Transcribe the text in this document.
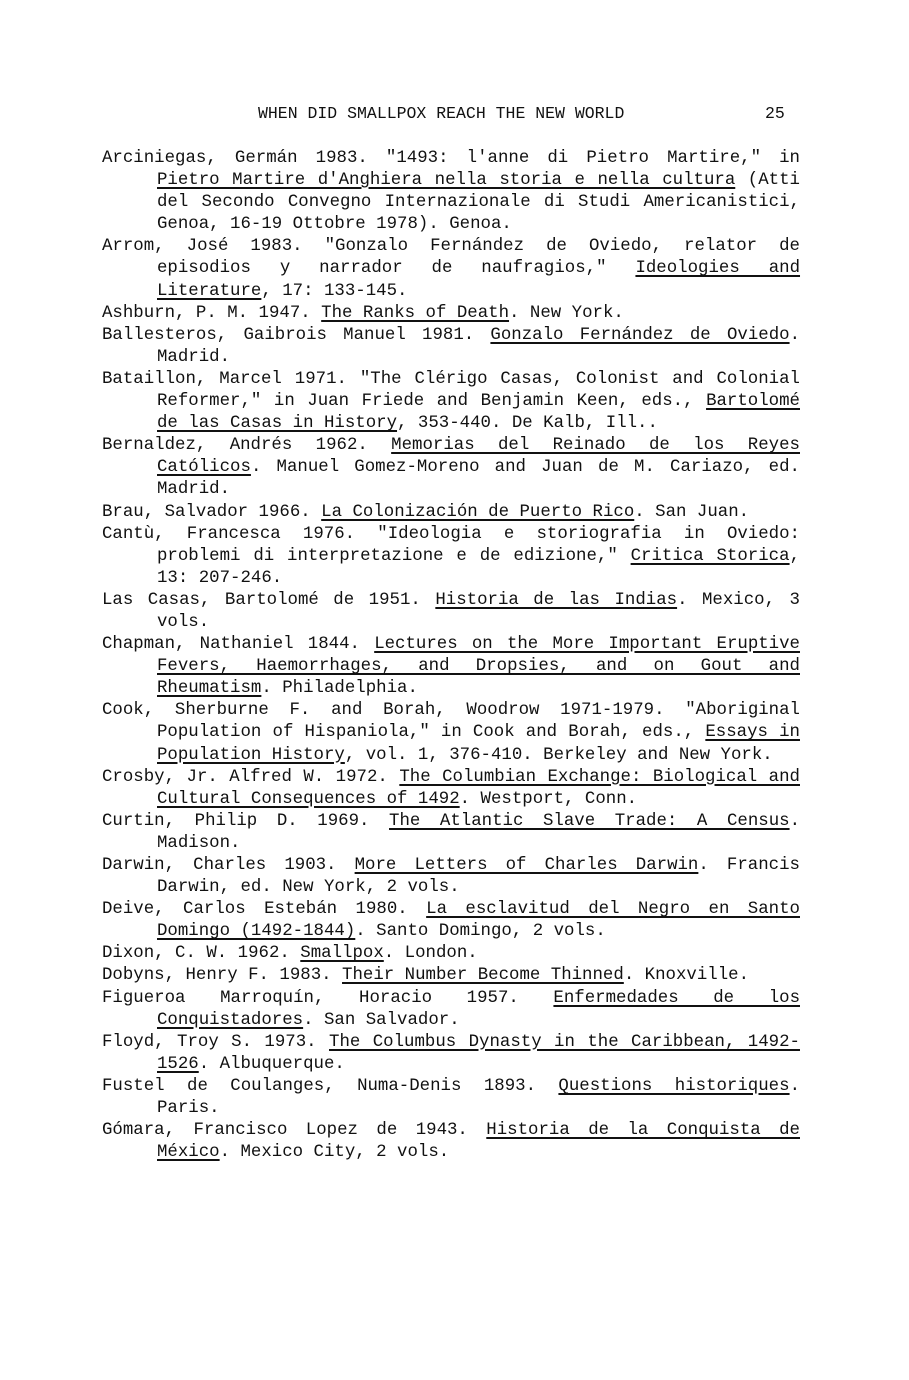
WHEN DID SMALLPOX REACH THE NEW WORLD	25

Arciniegas, Germán 1983. "1493: l'anne di Pietro Martire," in Pietro Martire d'Anghiera nella storia e nella cultura (Atti del Secondo Convegno Internazionale di Studi Americanistici, Genoa, 16-19 Ottobre 1978). Genoa.

Arrom, José 1983. "Gonzalo Fernández de Oviedo, relator de episodios y narrador de naufragios," Ideologies and Literature, 17: 133-145.

Ashburn, P. M. 1947. The Ranks of Death. New York.

Ballesteros, Gaibrois Manuel 1981. Gonzalo Fernández de Oviedo. Madrid.

Bataillon, Marcel 1971. "The Clérigo Casas, Colonist and Colonial Reformer," in Juan Friede and Benjamin Keen, eds., Bartolomé de las Casas in History, 353-440. De Kalb, Ill..

Bernaldez, Andrés 1962. Memorias del Reinado de los Reyes Católicos. Manuel Gomez-Moreno and Juan de M. Cariazo, ed. Madrid.

Brau, Salvador 1966. La Colonización de Puerto Rico. San Juan.

Cantù, Francesca 1976. "Ideologia e storiografia in Oviedo: problemi di interpretazione e de edizione," Critica Storica, 13: 207-246.

Las Casas, Bartolomé de 1951. Historia de las Indias. Mexico, 3 vols.

Chapman, Nathaniel 1844. Lectures on the More Important Eruptive Fevers, Haemorrhages, and Dropsies, and on Gout and Rheumatism. Philadelphia.

Cook, Sherburne F. and Borah, Woodrow 1971-1979. "Aboriginal Population of Hispaniola," in Cook and Borah, eds., Essays in Population History, vol. 1, 376-410. Berkeley and New York.

Crosby, Jr. Alfred W. 1972. The Columbian Exchange: Biological and Cultural Consequences of 1492. Westport, Conn.

Curtin, Philip D. 1969. The Atlantic Slave Trade: A Census. Madison.

Darwin, Charles 1903. More Letters of Charles Darwin. Francis Darwin, ed. New York, 2 vols.

Deive, Carlos Estebán 1980. La esclavitud del Negro en Santo Domingo (1492-1844). Santo Domingo, 2 vols.

Dixon, C. W. 1962. Smallpox. London.

Dobyns, Henry F. 1983. Their Number Become Thinned. Knoxville.

Figueroa Marroquín, Horacio 1957. Enfermedades de los Conquistadores. San Salvador.

Floyd, Troy S. 1973. The Columbus Dynasty in the Caribbean, 1492-1526. Albuquerque.

Fustel de Coulanges, Numa-Denis 1893. Questions historiques. Paris.

Gómara, Francisco Lopez de 1943. Historia de la Conquista de México. Mexico City, 2 vols.
